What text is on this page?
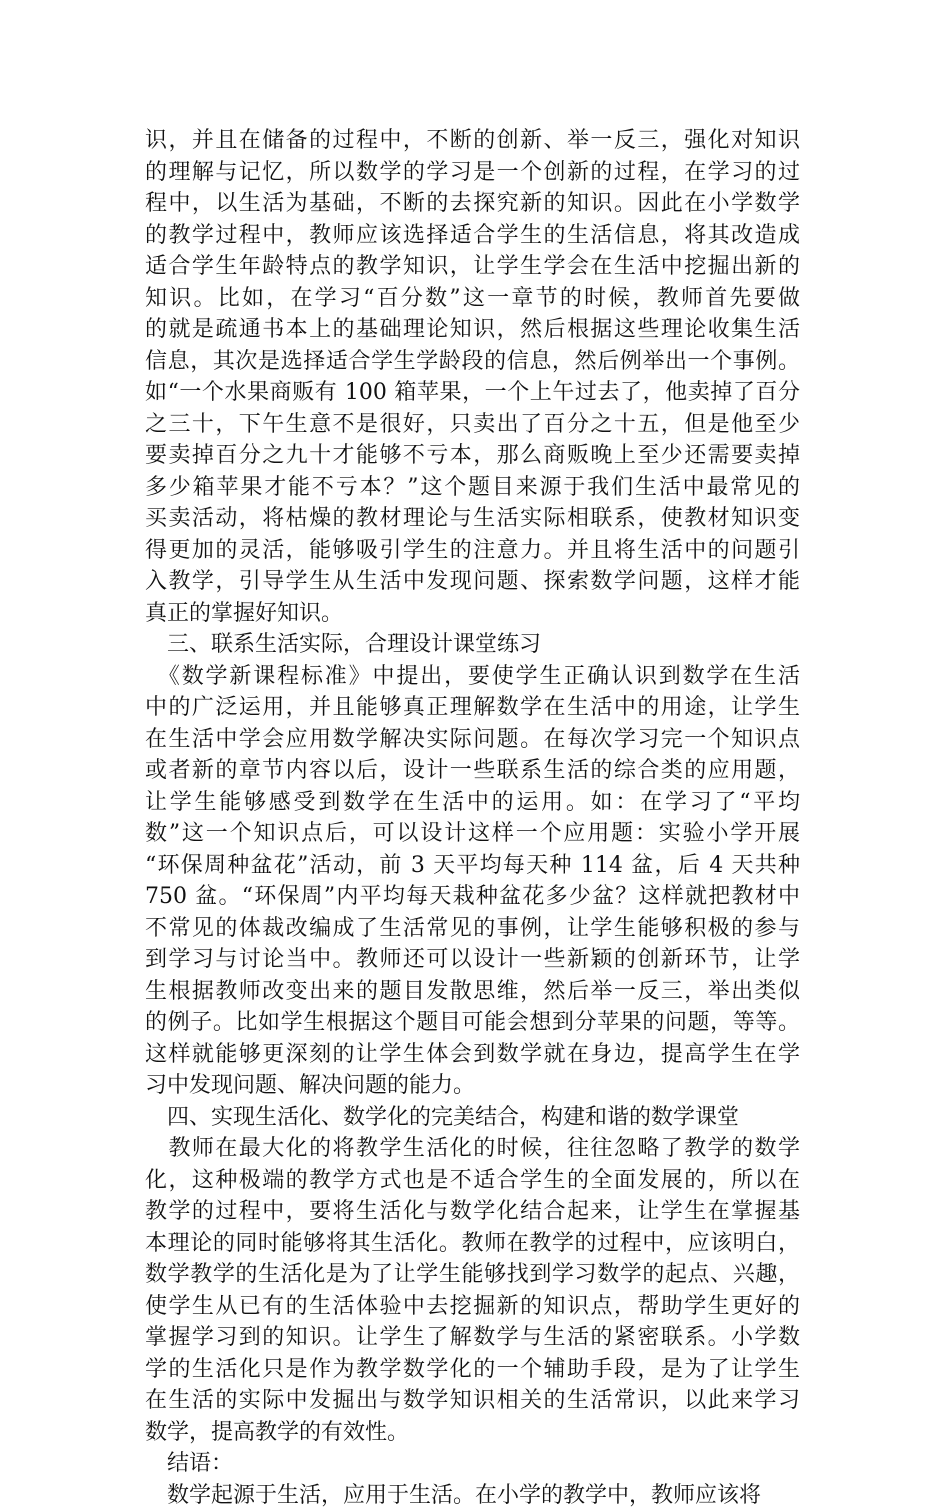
识，并且在储备的过程中，不断的创新、举一反三，强化对知识
的理解与记忆，所以数学的学习是一个创新的过程，在学习的过
程中，以生活为基础，不断的去探究新的知识。因此在小学数学
的教学过程中，教师应该选择适合学生的生活信息，将其改造成
适合学生年龄特点的教学知识，让学生学会在生活中挖掘出新的
知识。比如，在学习“百分数”这一章节的时候，教师首先要做
的就是疏通书本上的基础理论知识，然后根据这些理论收集生活
信息，其次是选择适合学生学龄段的信息，然后例举出一个事例。
如“一个水果商贩有 100 箱苹果，一个上午过去了，他卖掉了百分
之三十，下午生意不是很好，只卖出了百分之十五，但是他至少
要卖掉百分之九十才能够不亏本，那么商贩晚上至少还需要卖掉
多少箱苹果才能不亏本？”这个题目来源于我们生活中最常见的
买卖活动，将枯燥的教材理论与生活实际相联系，使教材知识变
得更加的灵活，能够吸引学生的注意力。并且将生活中的问题引
入教学，引导学生从生活中发现问题、探索数学问题，这样才能
真正的掌握好知识。
　三、联系生活实际，合理设计课堂练习
　《数学新课程标准》中提出，要使学生正确认识到数学在生活
中的广泛运用，并且能够真正理解数学在生活中的用途，让学生
在生活中学会应用数学解决实际问题。在每次学习完一个知识点
或者新的章节内容以后，设计一些联系生活的综合类的应用题，
让学生能够感受到数学在生活中的运用。如：在学习了“平均
数”这一个知识点后，可以设计这样一个应用题：实验小学开展
“环保周种盆花”活动，前 3 天平均每天种 114 盆，后 4 天共种
750 盆。“环保周”内平均每天栽种盆花多少盆？这样就把教材中
不常见的体裁改编成了生活常见的事例，让学生能够积极的参与
到学习与讨论当中。教师还可以设计一些新颖的创新环节，让学
生根据教师改变出来的题目发散思维，然后举一反三，举出类似
的例子。比如学生根据这个题目可能会想到分苹果的问题，等等。
这样就能够更深刻的让学生体会到数学就在身边，提高学生在学
习中发现问题、解决问题的能力。
　四、实现生活化、数学化的完美结合，构建和谐的数学课堂
　教师在最大化的将教学生活化的时候，往往忽略了教学的数学
化，这种极端的教学方式也是不适合学生的全面发展的，所以在
教学的过程中，要将生活化与数学化结合起来，让学生在掌握基
本理论的同时能够将其生活化。教师在教学的过程中，应该明白，
数学教学的生活化是为了让学生能够找到学习数学的起点、兴趣，
使学生从已有的生活体验中去挖掘新的知识点，帮助学生更好的
掌握学习到的知识。让学生了解数学与生活的紧密联系。小学数
学的生活化只是作为教学数学化的一个辅助手段，是为了让学生
在生活的实际中发掘出与数学知识相关的生活常识，以此来学习
数学，提高教学的有效性。
　结语：
　数学起源于生活，应用于生活。在小学的教学中，教师应该将
